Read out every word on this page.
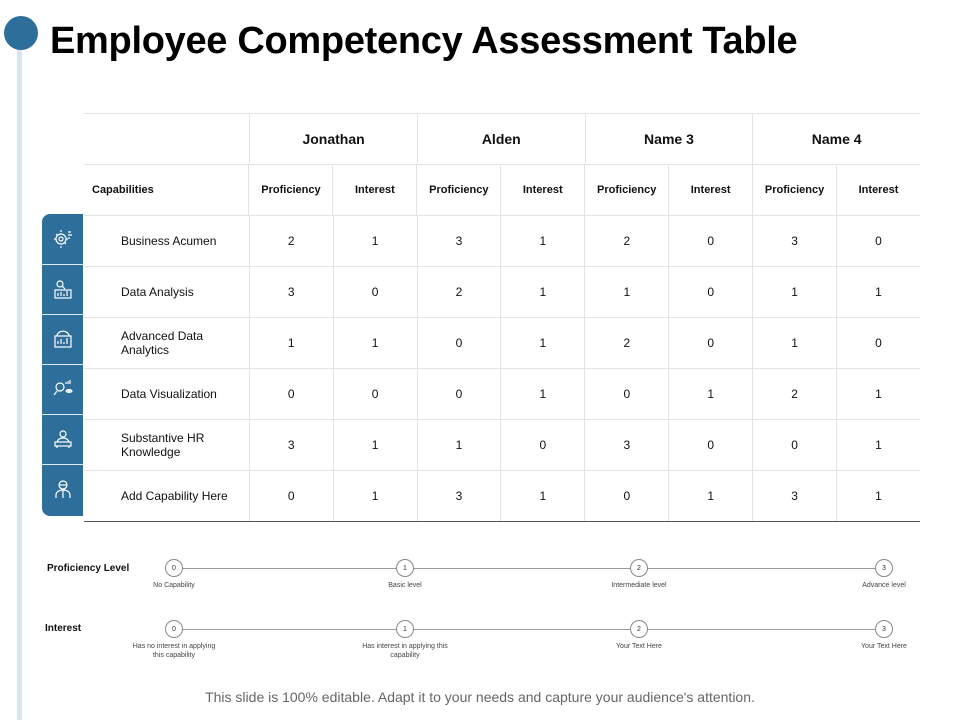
Employee Competency Assessment Table
Jonathan	Alden	Name 3	Name 4
Capabilities	Proficiency	Interest	Proficiency	Interest	Proficiency	Interest	Proficiency	Interest
Business Acumen	2	1	3	1	2	0	3	0
Data Analysis	3	0	2	1	1	0	1	1
Advanced Data Analytics	1	1	0	1	2	0	1	0
Data Visualization	0	0	0	1	0	1	2	1
Substantive HR Knowledge	3	1	1	0	3	0	0	1
Add Capability Here	0	1	3	1	0	1	3	1
Proficiency Level	0	1	2	3
No Capability	Basic level	Intermediate level	Advance level
Interest	0	1	2	3
Has no interest in applying this capability
Has interest in applying this capability
Your Text Here	Your Text Here
This slide is 100% editable. Adapt it to your needs and capture your audience's attention.
